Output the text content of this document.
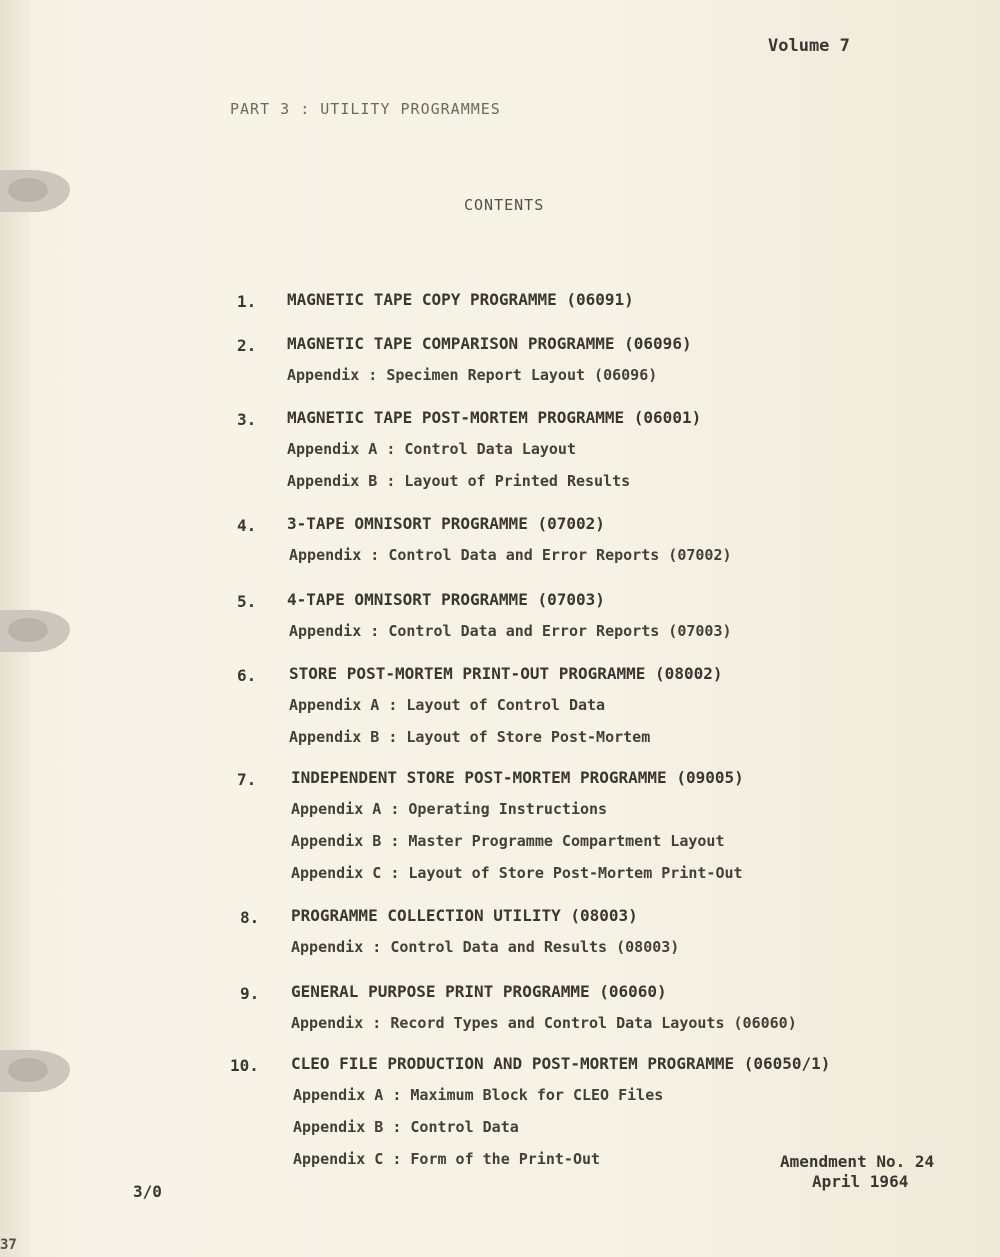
Volume 7
PART 3 : UTILITY PROGRAMMES
CONTENTS
1. MAGNETIC TAPE COPY PROGRAMME (06091)
2. MAGNETIC TAPE COMPARISON PROGRAMME (06096)
Appendix : Specimen Report Layout (06096)
3. MAGNETIC TAPE POST-MORTEM PROGRAMME (06001)
Appendix A : Control Data Layout
Appendix B : Layout of Printed Results
4. 3-TAPE OMNISORT PROGRAMME (07002)
Appendix : Control Data and Error Reports (07002)
5. 4-TAPE OMNISORT PROGRAMME (07003)
Appendix : Control Data and Error Reports (07003)
6. STORE POST-MORTEM PRINT-OUT PROGRAMME (08002)
Appendix A : Layout of Control Data
Appendix B : Layout of Store Post-Mortem
7. INDEPENDENT STORE POST-MORTEM PROGRAMME (09005)
Appendix A : Operating Instructions
Appendix B : Master Programme Compartment Layout
Appendix C : Layout of Store Post-Mortem Print-Out
8. PROGRAMME COLLECTION UTILITY (08003)
Appendix : Control Data and Results (08003)
9. GENERAL PURPOSE PRINT PROGRAMME (06060)
Appendix : Record Types and Control Data Layouts (06060)
10. CLEO FILE PRODUCTION AND POST-MORTEM PROGRAMME (06050/1)
Appendix A : Maximum Block for CLEO Files
Appendix B : Control Data
Appendix C : Form of the Print-Out	Amendment No. 24
April 1964
3/0
37
